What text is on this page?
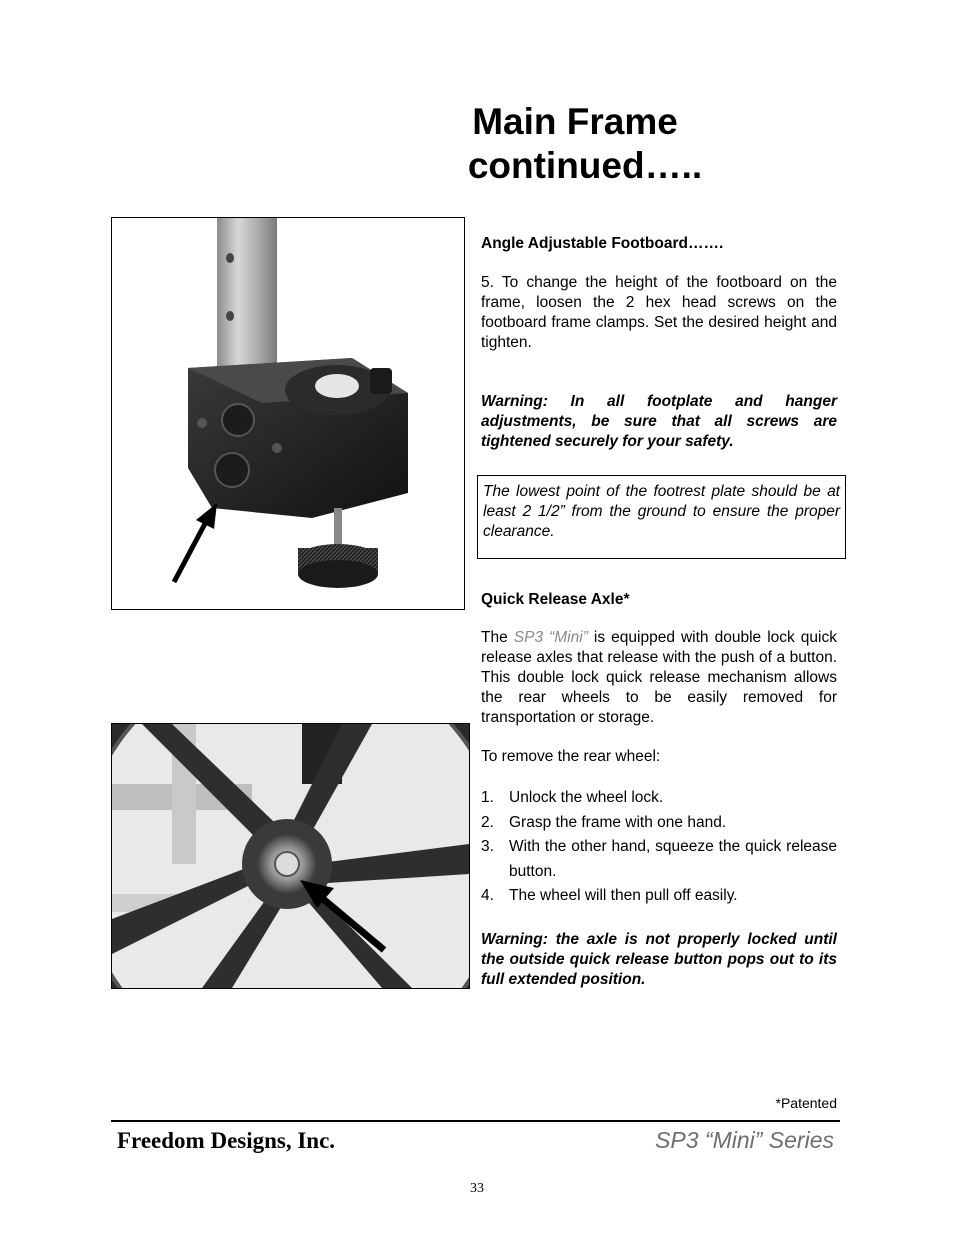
Main Frame
continued…..
Angle Adjustable Footboard…….
5. To change the height of the footboard on the frame, loosen the 2 hex head screws on the footboard frame clamps. Set the desired height and tighten.
Warning: In all footplate and hanger adjustments, be sure that all screws are tightened securely for your safety.
The lowest point of the footrest plate should be at least 2 1/2” from the ground to ensure the proper clearance.
Quick Release Axle*
The SP3 “Mini” is equipped with double lock quick release axles that release with the push of a button. This double lock quick release mechanism allows the rear wheels to be easily removed for transportation or storage.
To remove the rear wheel:
1. Unlock the wheel lock.
2. Grasp the frame with one hand.
3. With the other hand, squeeze the quick release button.
4. The wheel will then pull off easily.
Warning: the axle is not properly locked until the outside quick release button pops out to its full extended position.
*Patented
Freedom Designs, Inc.	SP3 “Mini” Series
33
